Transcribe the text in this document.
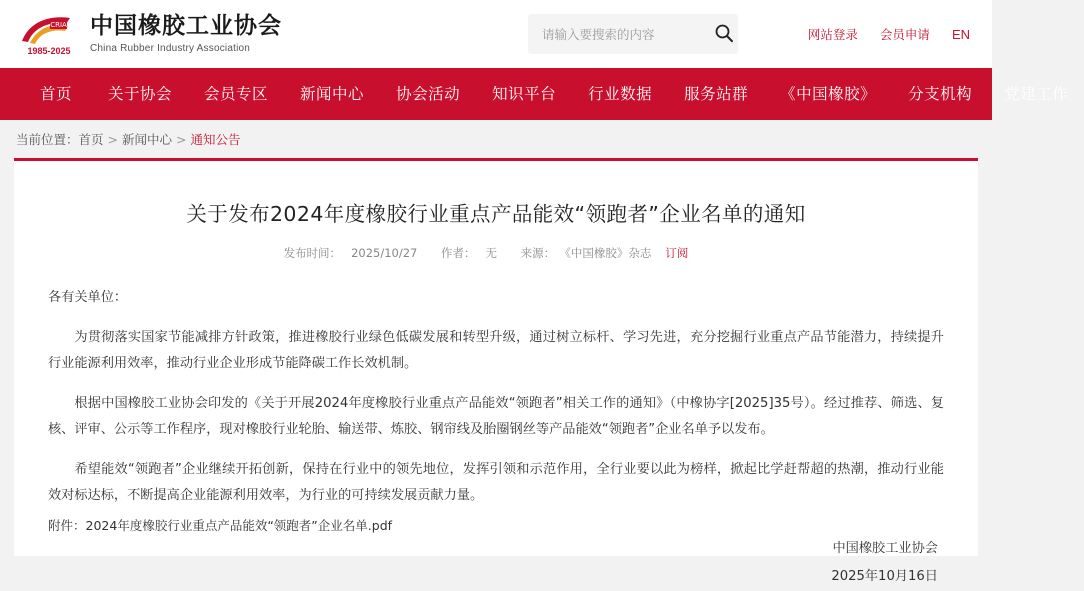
CRIA
1985-2025
中国橡胶工业协会
China Rubber Industry Association
请输入要搜索的内容
网站登录 会员申请 EN
首页	关于协会	会员专区	新闻中心	协会活动	知识平台	行业数据	服务站群	《中国橡胶》	分支机构	党建工作
当前位置： 首页 > 新闻中心 > 通知公告
关于发布2024年度橡胶行业重点产品能效“领跑者”企业名单的通知
发布时间： 2025/10/27 作者： 无 来源： 《中国橡胶》杂志 订阅

各有关单位：

为贯彻落实国家节能减排方针政策，推进橡胶行业绿色低碳发展和转型升级，通过树立标杆、学习先进，充分挖掘行业重点产品节能潜力，持续提升行业能源利用效率，推动行业企业形成节能降碳工作长效机制。

根据中国橡胶工业协会印发的《关于开展2024年度橡胶行业重点产品能效“领跑者”相关工作的通知》（中橡协字[2025]35号）。经过推荐、筛选、复核、评审、公示等工作程序，现对橡胶行业轮胎、输送带、炼胶、钢帘线及胎圈钢丝等产品能效“领跑者”企业名单予以发布。

希望能效“领跑者”企业继续开拓创新，保持在行业中的领先地位，发挥引领和示范作用，全行业要以此为榜样，掀起比学赶帮超的热潮，推动行业能效对标达标，不断提高企业能源利用效率，为行业的可持续发展贡献力量。

中国橡胶工业协会
2025年10月16日
附件：2024年度橡胶行业重点产品能效“领跑者”企业名单.pdf
